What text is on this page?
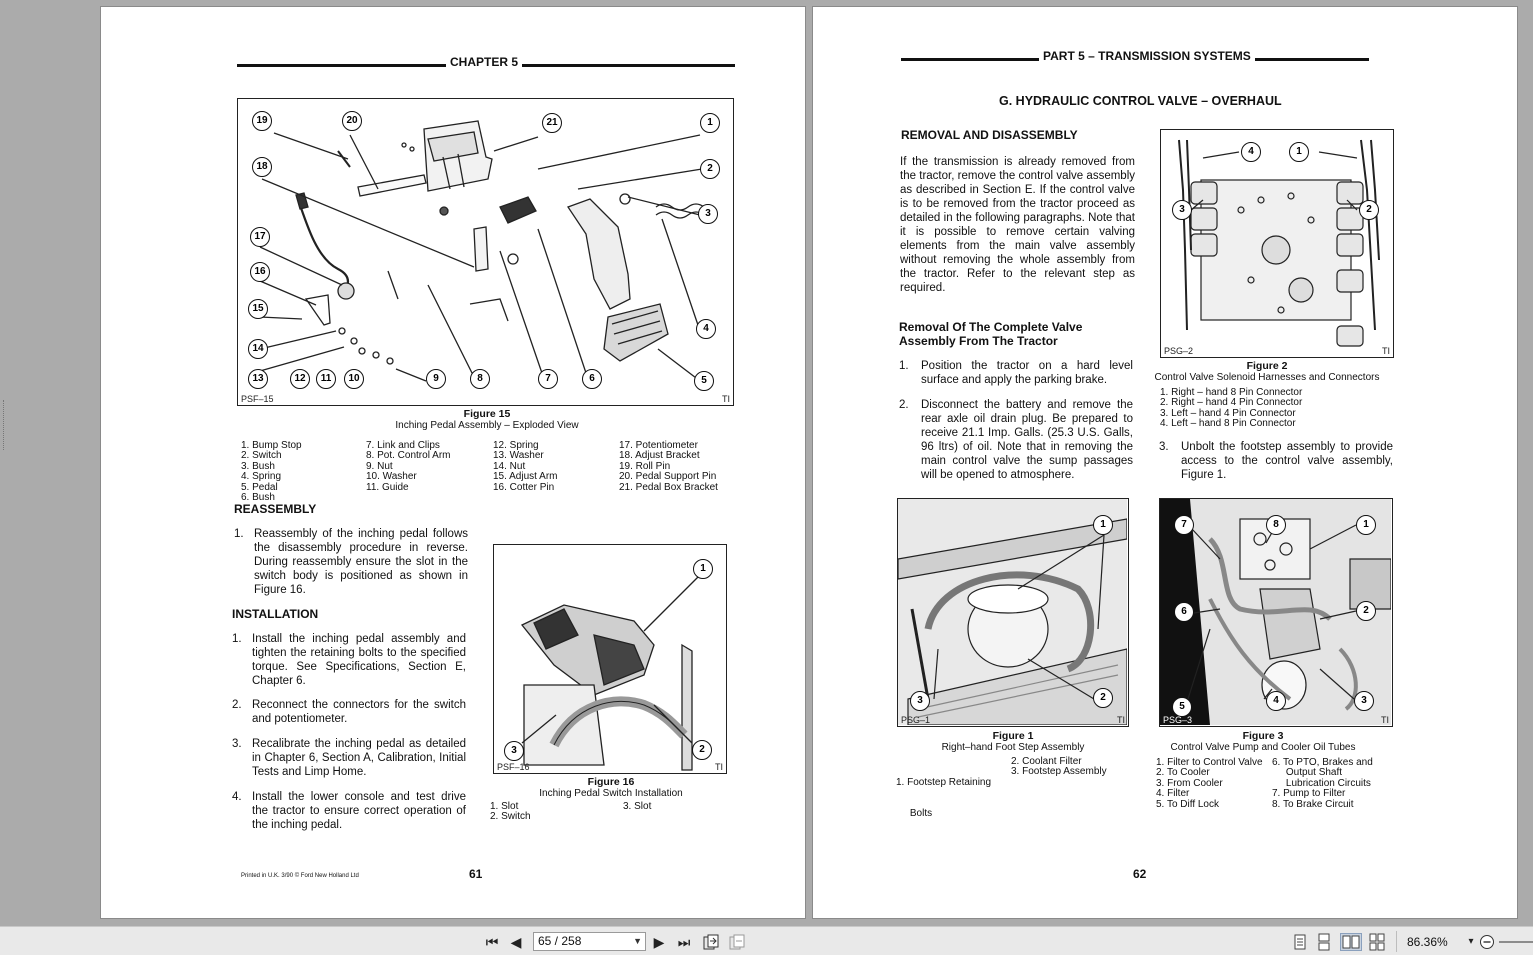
CHAPTER 5
19	20	21	1
18	2
3
17
16
15
4
14
13	12	11	10	9	8	7	6	5
PSF–15	TI
Figure 15
Inching Pedal Assembly – Exploded View
1. Bump Stop
2. Switch
3. Bush
4. Spring
5. Pedal
6. Bush
7. Link and Clips
8. Pot. Control Arm
9. Nut
10. Washer
11. Guide
12. Spring
13. Washer
14. Nut
15. Adjust Arm
16. Cotter Pin
17. Potentiometer
18. Adjust Bracket
19. Roll Pin
20. Pedal Support Pin
21. Pedal Box Bracket
REASSEMBLY
1. Reassembly of the inching pedal follows the disassembly procedure in reverse. During reassembly ensure the slot in the switch body is positioned as shown in Figure 16.
INSTALLATION
1. Install the inching pedal assembly and tighten the retaining bolts to the specified torque. See Specifications, Section E, Chapter 6.
2. Reconnect the connectors for the switch and potentiometer.
3. Recalibrate the inching pedal as detailed in Chapter 6, Section A, Calibration, Initial Tests and Limp Home.
4. Install the lower console and test drive the tractor to ensure correct operation of the inching pedal.
1
2
3
PSF–16	TI
Figure 16
Inching Pedal Switch Installation
1. Slot
2. Switch
3. Slot
Printed in U.K. 3/90 © Ford New Holland Ltd	61
PART 5 – TRANSMISSION SYSTEMS
G. HYDRAULIC CONTROL VALVE – OVERHAUL
REMOVAL AND DISASSEMBLY
If the transmission is already removed from the tractor, remove the control valve assembly as described in Section E. If the control valve is to be removed from the tractor proceed as detailed in the following paragraphs. Note that it is possible to remove certain valving elements from the main valve assembly without removing the whole assembly from the tractor. Refer to the relevant step as required.
Removal Of The Complete Valve Assembly From The Tractor
1. Position the tractor on a hard level surface and apply the parking brake.
2. Disconnect the battery and remove the rear axle oil drain plug. Be prepared to receive 21.1 Imp. Galls. (25.3 U.S. Galls, 96 ltrs) of oil. Note that in removing the main control valve the sump passages will be opened to atmosphere.
3. Unbolt the footstep assembly to provide access to the control valve assembly, Figure 1.
4	1
3	2
PSG–2	TI
Figure 2
Control Valve Solenoid Harnesses and Connectors
1. Right – hand 8 Pin Connector
2. Right – hand 4 Pin Connector
3. Left – hand 4 Pin Connector
4. Left – hand 8 Pin Connector
1
2
3
PSG–1	TI
Figure 1
Right–hand Foot Step Assembly

1. Footstep Retaining

Bolts

2. Coolant Filter
3. Footstep Assembly
7	8	1
6	2
5
4	3
PSG–3	TI
Figure 3
Control Valve Pump and Cooler Oil Tubes
1. Filter to Control Valve
2. To Cooler
3. From Cooler
4. Filter
5. To Diff Lock
6. To PTO, Brakes and
Output Shaft
Lubrication Circuits
7. Pump to Filter
8. To Brake Circuit
62
⏮ ◀	65 / 258	▼ ▶ ⏭	86.36% ▾
